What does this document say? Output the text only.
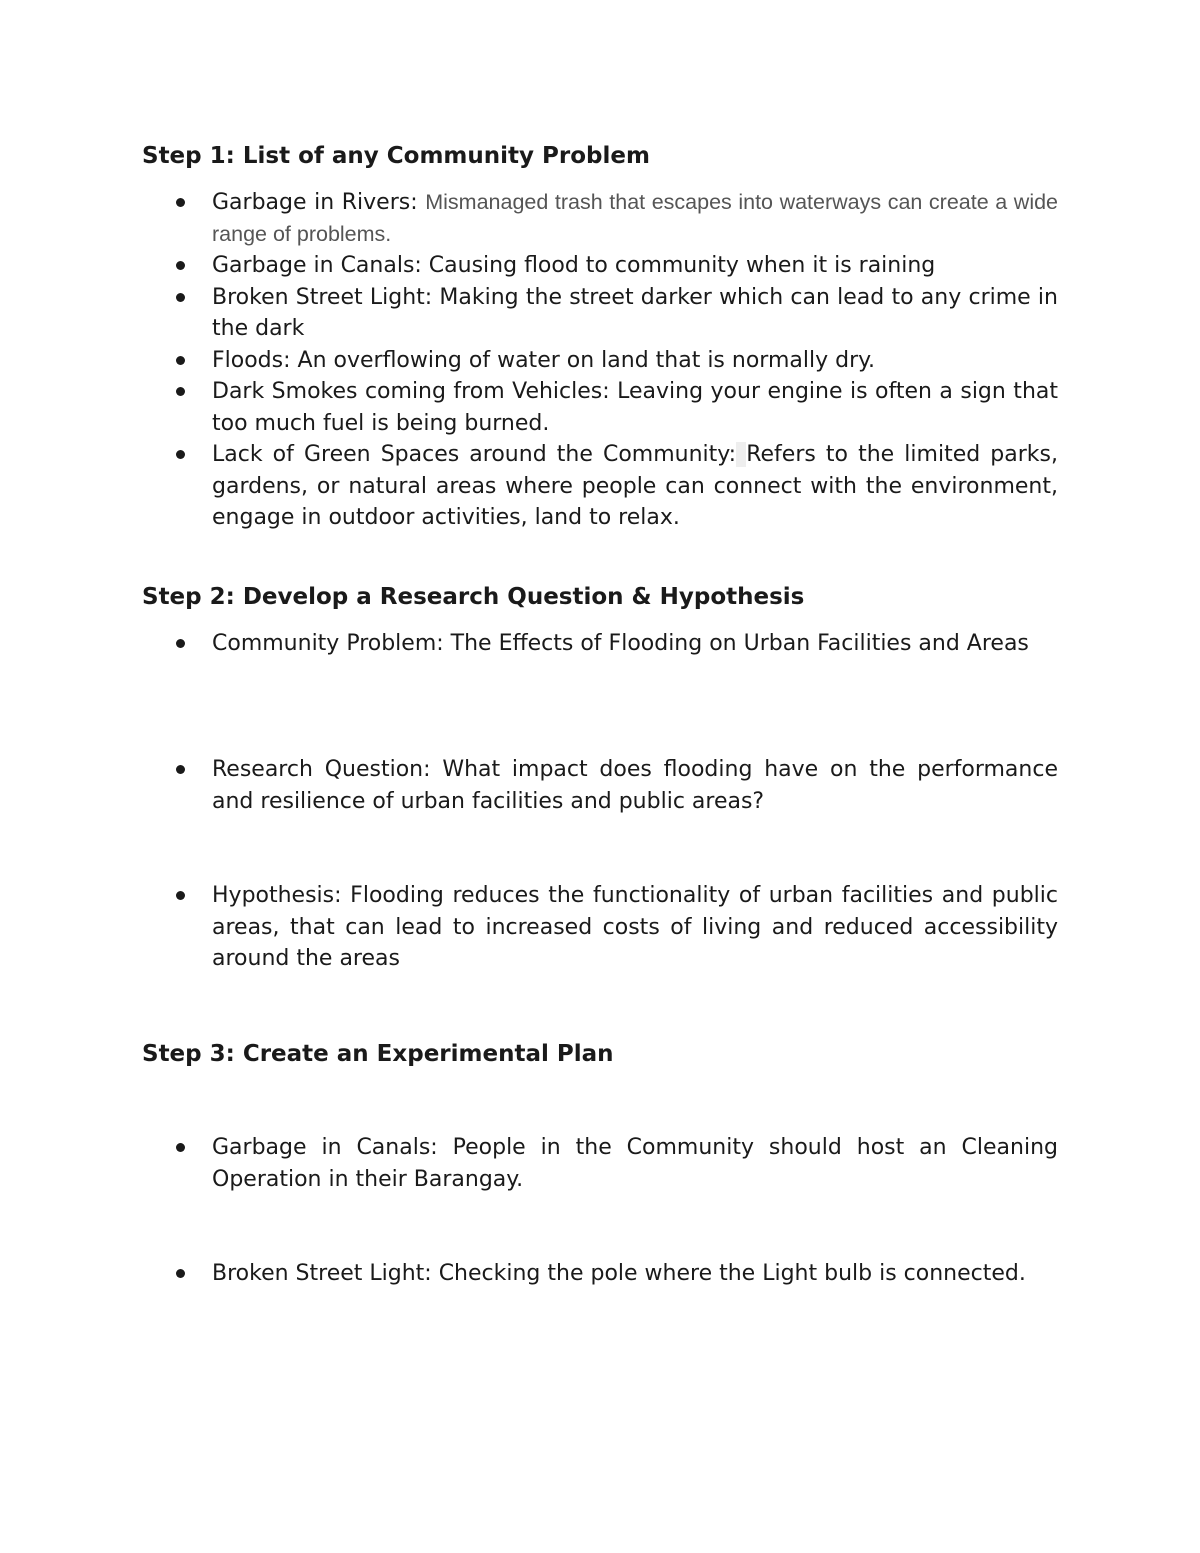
Step 1: List of any Community Problem
Garbage in Rivers: Mismanaged trash that escapes into waterways can create a wide range of problems.
Garbage in Canals: Causing flood to community when it is raining
Broken Street Light: Making the street darker which can lead to any crime in the dark
Floods: An overflowing of water on land that is normally dry.
Dark Smokes coming from Vehicles: Leaving your engine is often a sign that too much fuel is being burned.
Lack of Green Spaces around the Community: Refers to the limited parks, gardens, or natural areas where people can connect with the environment, engage in outdoor activities, land to relax.
Step 2: Develop a Research Question & Hypothesis
Community Problem: The Effects of Flooding on Urban Facilities and Areas
Research Question: What impact does flooding have on the performance and resilience of urban facilities and public areas?
Hypothesis: Flooding reduces the functionality of urban facilities and public areas, that can lead to increased costs of living and reduced accessibility around the areas
Step 3: Create an Experimental Plan
Garbage in Canals: People in the Community should host an Cleaning Operation in their Barangay.
Broken Street Light: Checking the pole where the Light bulb is connected.
